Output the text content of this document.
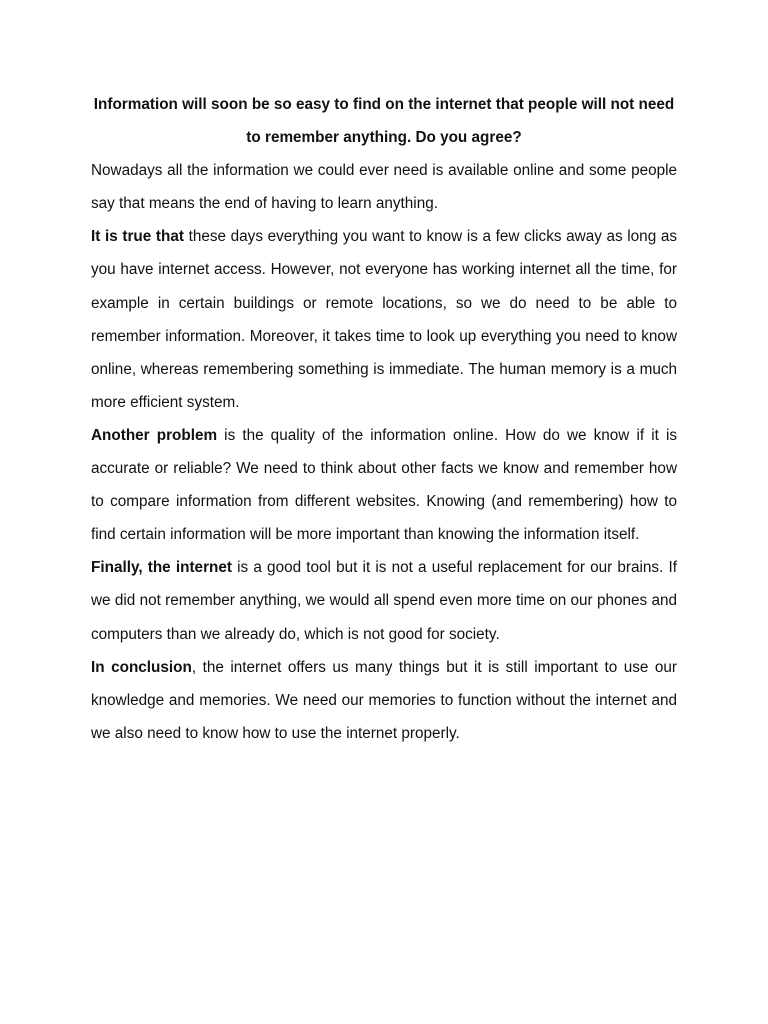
Information will soon be so easy to find on the internet that people will not need to remember anything. Do you agree?

Nowadays all the information we could ever need is available online and some people say that means the end of having to learn anything.

It is true that these days everything you want to know is a few clicks away as long as you have internet access. However, not everyone has working internet all the time, for example in certain buildings or remote locations, so we do need to be able to remember information. Moreover, it takes time to look up everything you need to know online, whereas remembering something is immediate. The human memory is a much more efficient system.

Another problem is the quality of the information online. How do we know if it is accurate or reliable? We need to think about other facts we know and remember how to compare information from different websites. Knowing (and remembering) how to find certain information will be more important than knowing the information itself.

Finally, the internet is a good tool but it is not a useful replacement for our brains. If we did not remember anything, we would all spend even more time on our phones and computers than we already do, which is not good for society.

In conclusion, the internet offers us many things but it is still important to use our knowledge and memories. We need our memories to function without the internet and we also need to know how to use the internet properly.
